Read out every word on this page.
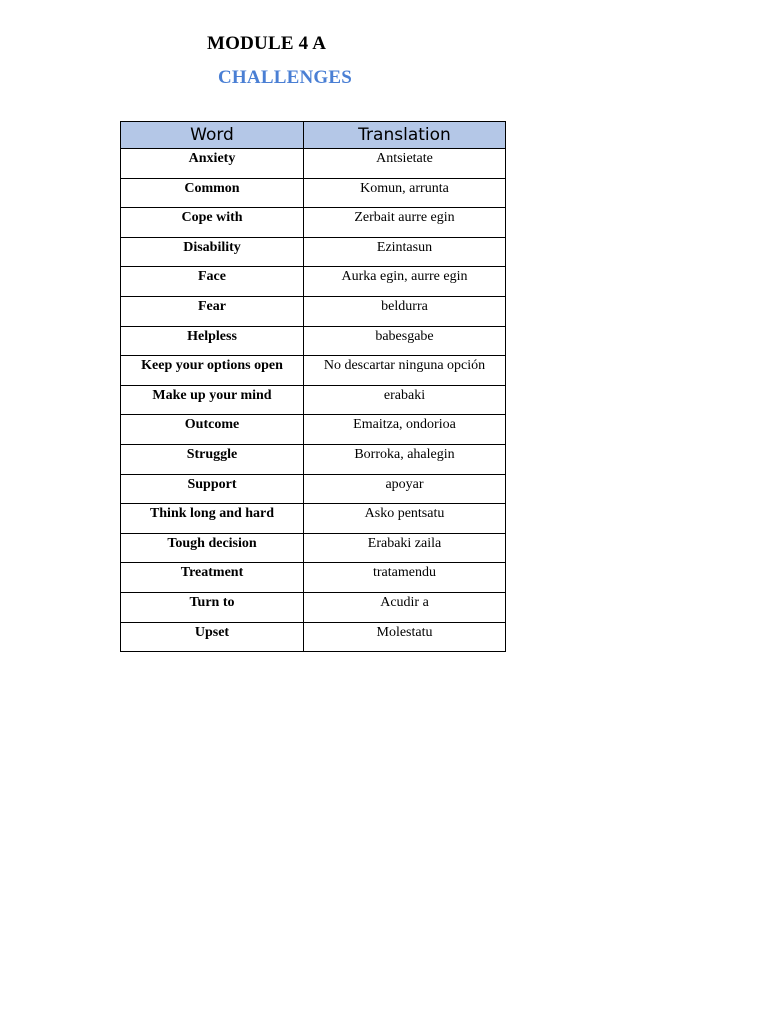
MODULE 4 A
CHALLENGES
Word	Translation
Anxiety	Antsietate
Common	Komun, arrunta
Cope with	Zerbait aurre egin
Disability	Ezintasun
Face	Aurka egin, aurre egin
Fear	beldurra
Helpless	babesgabe
Keep your options open	No descartar ninguna opción
Make up your mind	erabaki
Outcome	Emaitza, ondorioa
Struggle	Borroka, ahalegin
Support	apoyar
Think long and hard	Asko pentsatu
Tough decision	Erabaki zaila
Treatment	tratamendu
Turn to	Acudir a
Upset	Molestatu
